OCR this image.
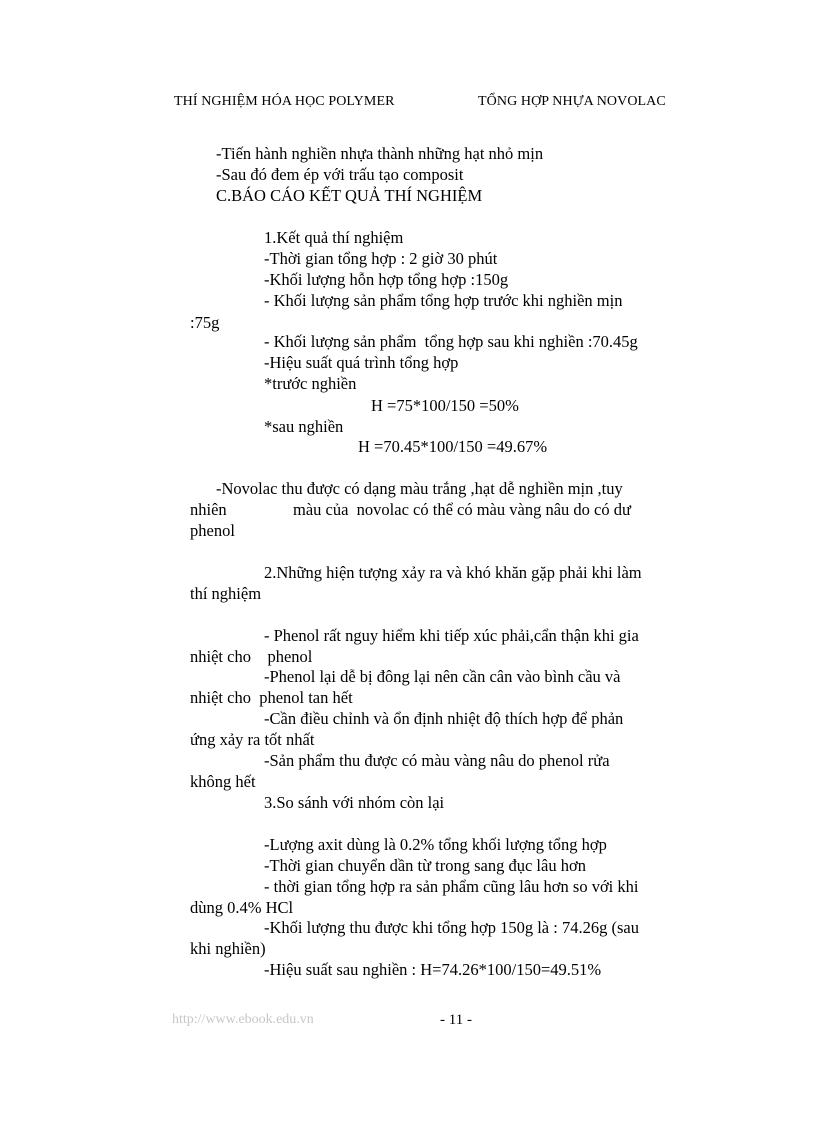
THÍ NGHIỆM HÓA HỌC POLYMER	TỔNG HỢP NHỰA NOVOLAC
-Tiến hành nghiền nhựa thành những hạt nhỏ mịn
-Sau đó đem ép với trấu tạo composit
C.BÁO CÁO KẾT QUẢ THÍ NGHIỆM
1.Kết quả thí nghiệm
-Thời gian tổng hợp : 2 giờ 30 phút
-Khối lượng hỗn hợp tổng hợp :150g
- Khối lượng sản phẩm tổng hợp trước khi nghiền mịn
:75g
- Khối lượng sản phẩm  tổng hợp sau khi nghiền :70.45g
-Hiệu suất quá trình tổng hợp
*trước nghiền
H =75*100/150 =50%
*sau nghiền
H =70.45*100/150 =49.67%
-Novolac thu được có dạng màu trắng ,hạt dễ nghiền mịn ,tuy
nhiên	màu của  novolac có thể có màu vàng nâu do có dư
phenol
2.Những hiện tượng xảy ra và khó khăn gặp phải khi làm
thí nghiệm
- Phenol rất nguy hiểm khi tiếp xúc phải,cẩn thận khi gia
nhiệt cho    phenol
-Phenol lại dễ bị đông lại nên cần cân vào bình cầu và
nhiệt cho  phenol tan hết
-Cần điều chỉnh và ổn định nhiệt độ thích hợp để phản
ứng xảy ra tốt nhất
-Sản phẩm thu được có màu vàng nâu do phenol rửa
không hết
3.So sánh với nhóm còn lại
-Lượng axit dùng là 0.2% tổng khối lượng tổng hợp
-Thời gian chuyển dần từ trong sang đục lâu hơn
- thời gian tổng hợp ra sản phẩm cũng lâu hơn so với khi
dùng 0.4% HCl
-Khối lượng thu được khi tổng hợp 150g là : 74.26g (sau
khi nghiền)
-Hiệu suất sau nghiền : H=74.26*100/150=49.51%
http://www.ebook.edu.vn	- 11 -
